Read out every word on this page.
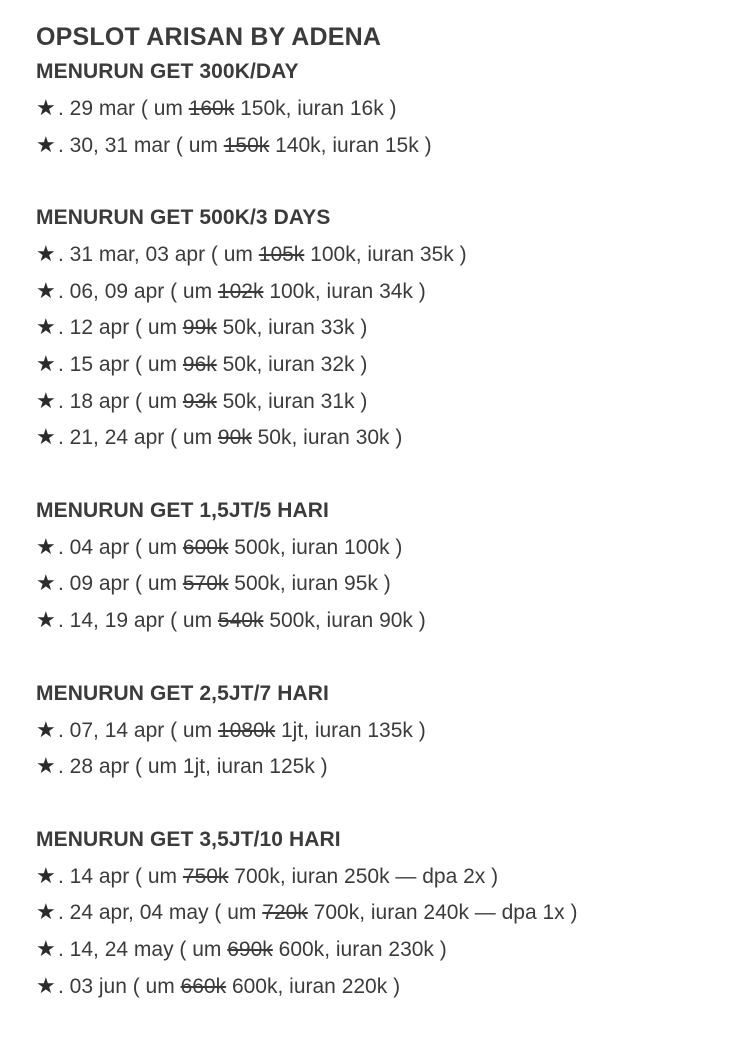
OPSLOT ARISAN BY ADENA
MENURUN GET 300K/DAY
★ . 29 mar ( um 160k 150k, iuran 16k )
★ . 30, 31 mar ( um 150k 140k, iuran 15k )
MENURUN GET 500K/3 DAYS
★ . 31 mar, 03 apr ( um 105k 100k, iuran 35k )
★ . 06, 09 apr ( um 102k 100k, iuran 34k )
★ . 12 apr ( um 99k 50k, iuran 33k )
★ . 15 apr ( um 96k 50k, iuran 32k )
★ . 18 apr ( um 93k 50k, iuran 31k )
★ . 21, 24 apr ( um 90k 50k, iuran 30k )
MENURUN GET 1,5JT/5 HARI
★ . 04 apr ( um 600k 500k, iuran 100k )
★ . 09 apr ( um 570k 500k, iuran 95k )
★ . 14, 19 apr ( um 540k 500k, iuran 90k )
MENURUN GET 2,5JT/7 HARI
★ . 07, 14 apr ( um 1080k 1jt, iuran 135k )
★ . 28 apr ( um 1jt, iuran 125k )
MENURUN GET 3,5JT/10 HARI
★ . 14 apr ( um 750k 700k, iuran 250k — dpa 2x )
★ . 24 apr, 04 may ( um 720k 700k, iuran 240k — dpa 1x )
★ . 14, 24 may ( um 690k 600k, iuran 230k )
★ . 03 jun ( um 660k 600k, iuran 220k )
